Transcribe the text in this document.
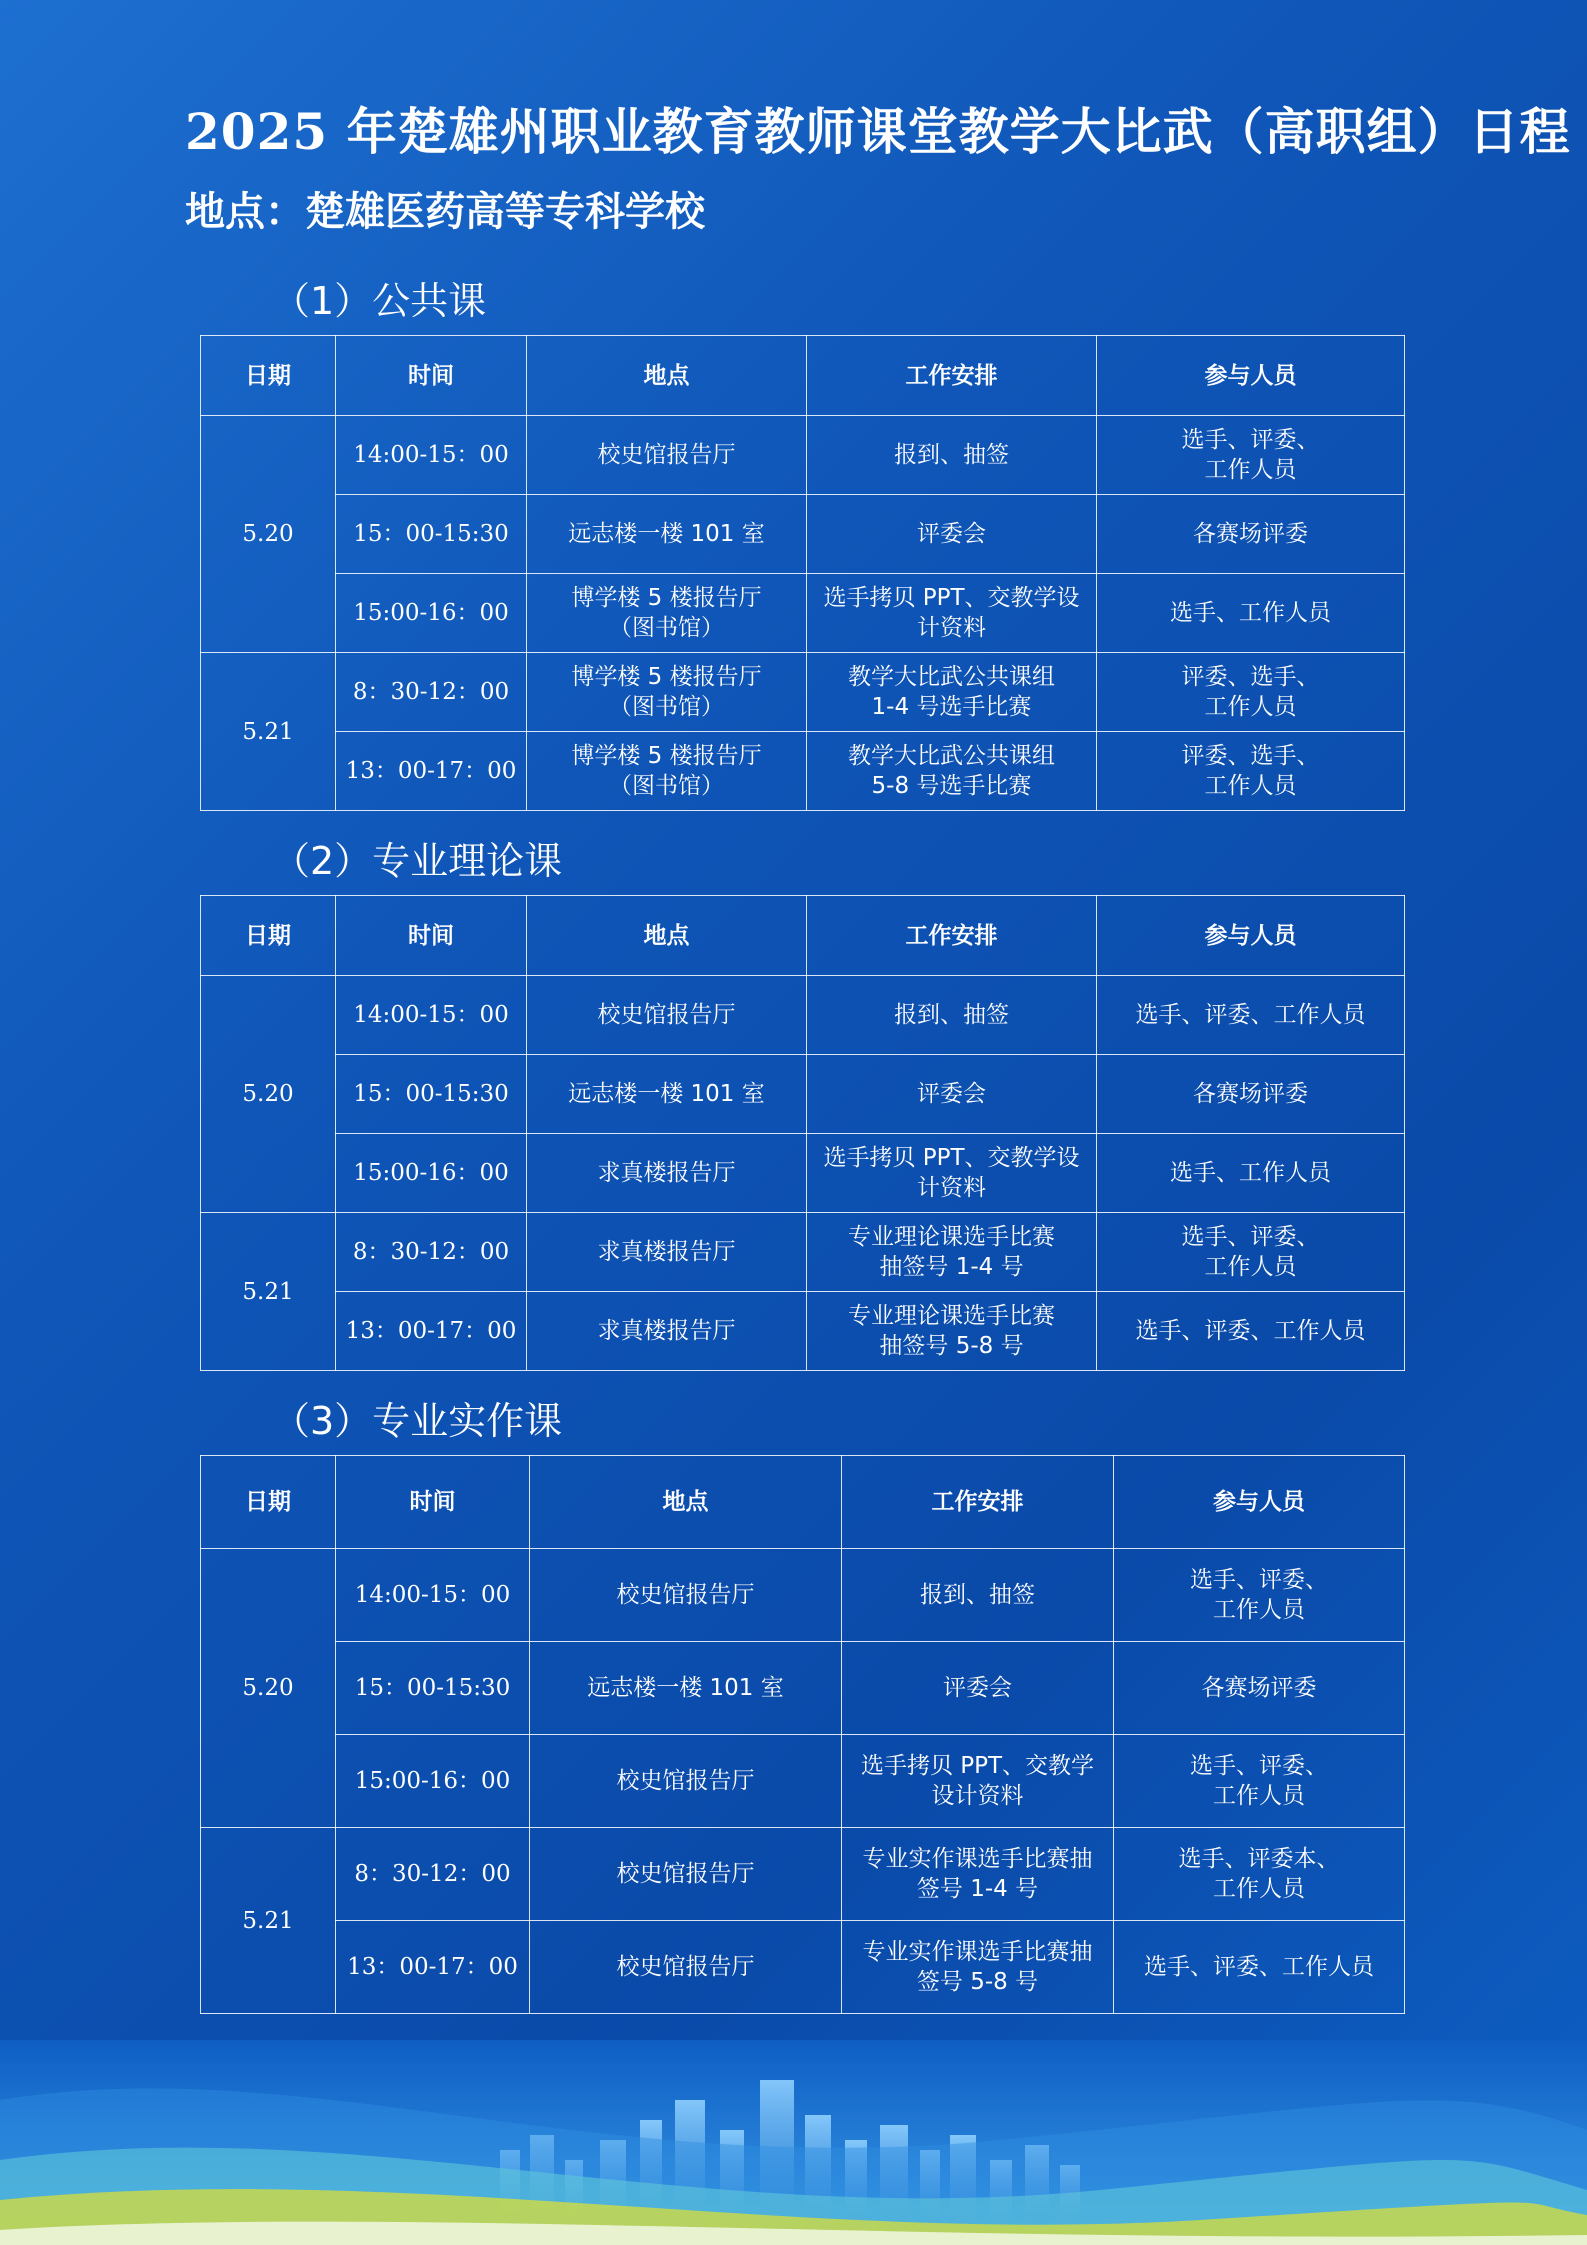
2025 年楚雄州职业教育教师课堂教学大比武（高职组）日程
地点：楚雄医药高等专科学校
（1）公共课
日期	时间	地点	工作安排	参与人员
5.20	14:00-15：00	校史馆报告厅	报到、抽签	选手、评委、
工作人员
	15：00-15:30	远志楼一楼 101 室	评委会	各赛场评委
	15:00-16：00	博学楼 5 楼报告厅
（图书馆）	选手拷贝 PPT、交教学设
计资料	选手、工作人员
5.21	8：30-12：00	博学楼 5 楼报告厅
（图书馆）	教学大比武公共课组
1-4 号选手比赛	评委、选手、
工作人员
	13：00-17：00	博学楼 5 楼报告厅
（图书馆）	教学大比武公共课组
5-8 号选手比赛	评委、选手、
工作人员
（2）专业理论课
日期	时间	地点	工作安排	参与人员
5.20	14:00-15：00	校史馆报告厅	报到、抽签	选手、评委、工作人员
	15：00-15:30	远志楼一楼 101 室	评委会	各赛场评委
	15:00-16：00	求真楼报告厅	选手拷贝 PPT、交教学设
计资料	选手、工作人员
5.21	8：30-12：00	求真楼报告厅	专业理论课选手比赛
抽签号 1-4 号	选手、评委、
工作人员
	13：00-17：00	求真楼报告厅	专业理论课选手比赛
抽签号 5-8 号	选手、评委、工作人员
（3）专业实作课
日期	时间	地点	工作安排	参与人员
5.20	14:00-15：00	校史馆报告厅	报到、抽签	选手、评委、
工作人员
	15：00-15:30	远志楼一楼 101 室	评委会	各赛场评委
	15:00-16：00	校史馆报告厅	选手拷贝 PPT、交教学
设计资料	选手、评委、
工作人员
5.21	8：30-12：00	校史馆报告厅	专业实作课选手比赛抽
签号 1-4 号	选手、评委本、
工作人员
	13：00-17：00	校史馆报告厅	专业实作课选手比赛抽
签号 5-8 号	选手、评委、工作人员
